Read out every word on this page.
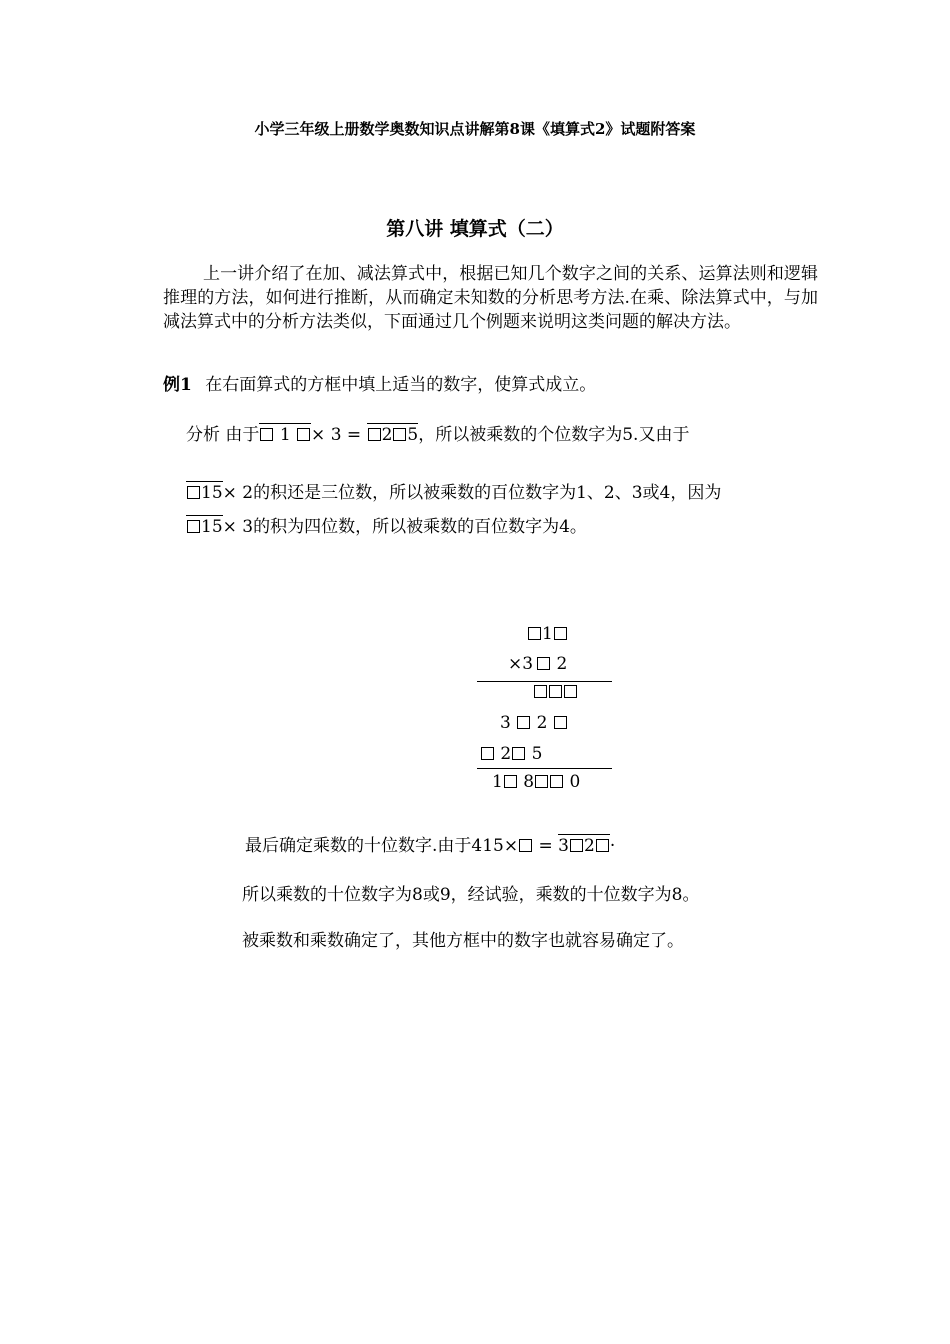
小学三年级上册数学奥数知识点讲解第8课《填算式2》试题附答案
第八讲 填算式（二）
上一讲介绍了在加、减法算式中，根据已知几个数字之间的关系、运算法则和逻辑推理的方法，如何进行推断，从而确定未知数的分析思考方法.在乘、除法算式中，与加减法算式中的分析方法类似，下面通过几个例题来说明这类问题的解决方法。
例1 在右面算式的方框中填上适当的数字，使算式成立。
分析 由于 1 × 3 = 2 5，所以被乘数的个位数字为5.又由于
15× 2的积还是三位数，所以被乘数的百位数字为1、2、3或4，因为
15× 3的积为四位数，所以被乘数的百位数字为4。
1
×3 2
3 2
2 5
1 8 0
最后确定乘数的十位数字.由于415× = 3 2 ·
所以乘数的十位数字为8或9，经试验，乘数的十位数字为8。
被乘数和乘数确定了，其他方框中的数字也就容易确定了。
